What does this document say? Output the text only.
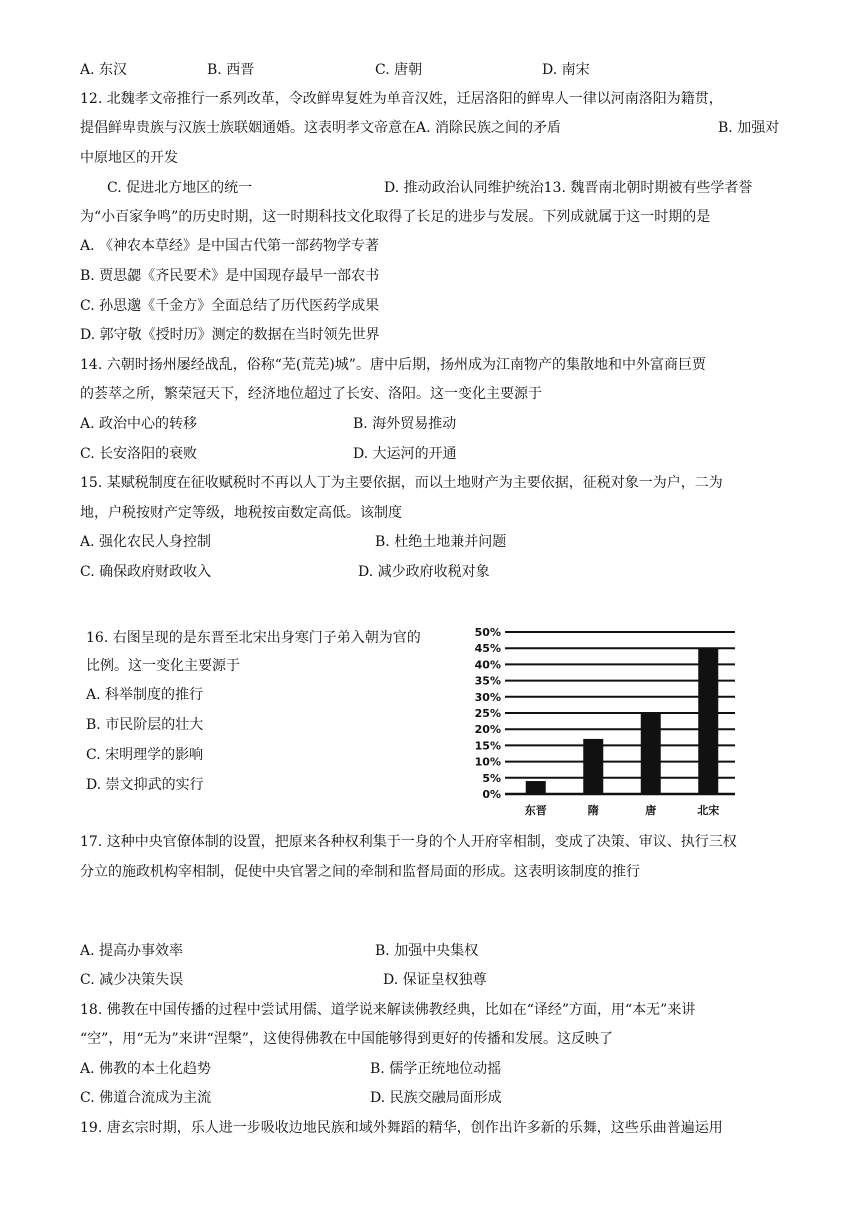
A. 东汉	B. 西晋	C. 唐朝	D. 南宋
12. 北魏孝文帝推行一系列改革，令改鲜卑复姓为单音汉姓，迁居洛阳的鲜卑人一律以河南洛阳为籍贯，
提倡鲜卑贵族与汉族士族联姻通婚。这表明孝文帝意在A. 消除民族之间的矛盾	B. 加强对
中原地区的开发
C. 促进北方地区的统一	D. 推动政治认同维护统治13. 魏晋南北朝时期被有些学者誉
为“小百家争鸣”的历史时期，这一时期科技文化取得了长足的进步与发展。下列成就属于这一时期的是
A. 《神农本草经》是中国古代第一部药物学专著
B. 贾思勰《齐民要术》是中国现存最早一部农书
C. 孙思邈《千金方》全面总结了历代医药学成果
D. 郭守敬《授时历》测定的数据在当时领先世界
14. 六朝时扬州屡经战乱，俗称“芜(荒芜)城”。唐中后期，扬州成为江南物产的集散地和中外富商巨贾
的荟萃之所，繁荣冠天下，经济地位超过了长安、洛阳。这一变化主要源于
A. 政治中心的转移	B. 海外贸易推动
C. 长安洛阳的衰败	D. 大运河的开通
15. 某赋税制度在征收赋税时不再以人丁为主要依据，而以土地财产为主要依据，征税对象一为户，二为
地，户税按财产定等级，地税按亩数定高低。该制度
A. 强化农民人身控制	B. 杜绝土地兼并问题
C. 确保政府财政收入	D. 减少政府收税对象
16. 右图呈现的是东晋至北宋出身寒门子弟入朝为官的
比例。这一变化主要源于
A. 科举制度的推行
B. 市民阶层的壮大
C. 宋明理学的影响
D. 崇文抑武的实行
0%
5%
10%
15%
20%
25%
30%
35%
40%
45%
50%
东晋	隋	唐	北宋
17. 这种中央官僚体制的设置，把原来各种权利集于一身的个人开府宰相制，变成了决策、审议、执行三权
分立的施政机构宰相制，促使中央官署之间的牵制和监督局面的形成。这表明该制度的推行
A. 提高办事效率	B. 加强中央集权
C. 减少决策失误	D. 保证皇权独尊
18. 佛教在中国传播的过程中尝试用儒、道学说来解读佛教经典，比如在“译经”方面，用“本无”来讲
“空”，用“无为”来讲“涅槃”，这使得佛教在中国能够得到更好的传播和发展。这反映了
A. 佛教的本土化趋势	B. 儒学正统地位动摇
C. 佛道合流成为主流	D. 民族交融局面形成
19. 唐玄宗时期，乐人进一步吸收边地民族和域外舞蹈的精华，创作出许多新的乐舞，这些乐曲普遍运用
